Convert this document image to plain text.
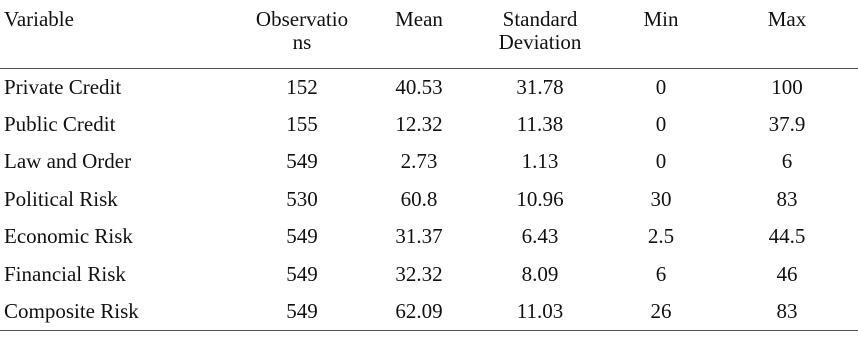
Variable	Observations	Mean	Standard Deviation	Min	Max
Private Credit	152	40.53	31.78	0	100
Public Credit	155	12.32	11.38	0	37.9
Law and Order	549	2.73	1.13	0	6
Political Risk	530	60.8	10.96	30	83
Economic Risk	549	31.37	6.43	2.5	44.5
Financial Risk	549	32.32	8.09	6	46
Composite Risk	549	62.09	11.03	26	83
